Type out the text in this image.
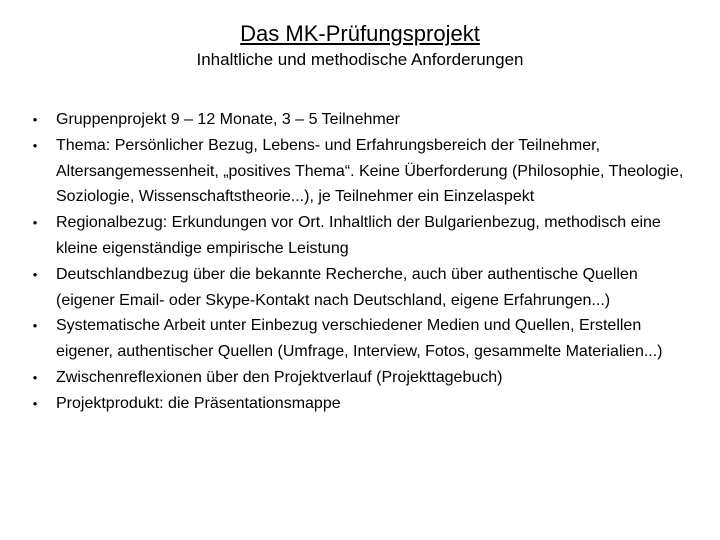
Das MK-Prüfungsprojekt
Inhaltliche und methodische Anforderungen
• Gruppenprojekt 9 – 12 Monate, 3 – 5 Teilnehmer
• Thema: Persönlicher Bezug, Lebens- und Erfahrungsbereich der Teilnehmer, Altersangemessenheit, „positives Thema“. Keine Überforderung (Philosophie, Theologie, Soziologie, Wissenschaftstheorie...), je Teilnehmer ein Einzelaspekt
• Regionalbezug: Erkundungen vor Ort. Inhaltlich der Bulgarienbezug, methodisch eine kleine eigenständige empirische Leistung
• Deutschlandbezug über die bekannte Recherche, auch über authentische Quellen (eigener Email- oder Skype-Kontakt nach Deutschland, eigene Erfahrungen...)
• Systematische Arbeit unter Einbezug verschiedener Medien und Quellen, Erstellen eigener, authentischer Quellen (Umfrage, Interview, Fotos, gesammelte Materialien...)
• Zwischenreflexionen über den Projektverlauf (Projekttagebuch)
• Projektprodukt: die Präsentationsmappe
